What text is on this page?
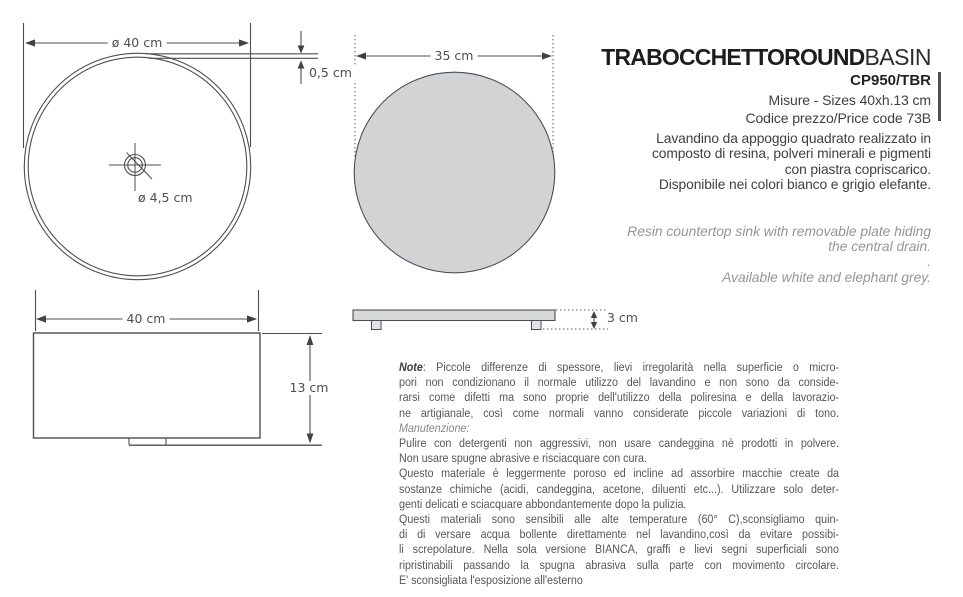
ø 40 cm
0,5 cm
ø 4,5 cm
35 cm
40 cm
13 cm
3 cm
TRABOCCHETTOROUNDBASIN
CP950/TBR
Misure - Sizes 40xh.13 cm
Codice prezzo/Price code 73B
Lavandino da appoggio quadrato realizzato in
composto di resina, polveri minerali e pigmenti
con piastra copriscarico.
Disponibile nei colori bianco e grigio elefante.
Resin countertop sink with removable plate hiding
the central drain.
.
Available white and elephant grey.
Note: Piccole differenze di spessore, lievi irregolarità nella superficie o micro-
pori non condizionano il normale utilizzo del lavandino e non sono da conside-
rarsi come difetti ma sono proprie dell'utilizzo della poliresina e della lavorazio-
ne artigianale, così come normali vanno considerate piccole variazioni di tono.
Manutenzione:
Pulire con detergenti non aggressivi, non usare candeggina nè prodotti in polvere.
Non usare spugne abrasive e risciacquare con cura.
Questo materiale è leggermente poroso ed incline ad assorbire macchie create da
sostanze chimiche (acidi, candeggina, acetone, diluenti etc...). Utilizzare solo deter-
genti delicati e sciacquare abbondantemente dopo la pulizia.
Questi materiali sono sensibili alle alte temperature (60° C),sconsigliamo quin-
di di versare acqua bollente direttamente nel lavandino,così da evitare possibi-
li screpolature. Nella sola versione BIANCA, graffi e lievi segni superficiali sono
ripristinabili passando la spugna abrasiva sulla parte con movimento circolare.
E' sconsigliata l'esposizione all'esterno
